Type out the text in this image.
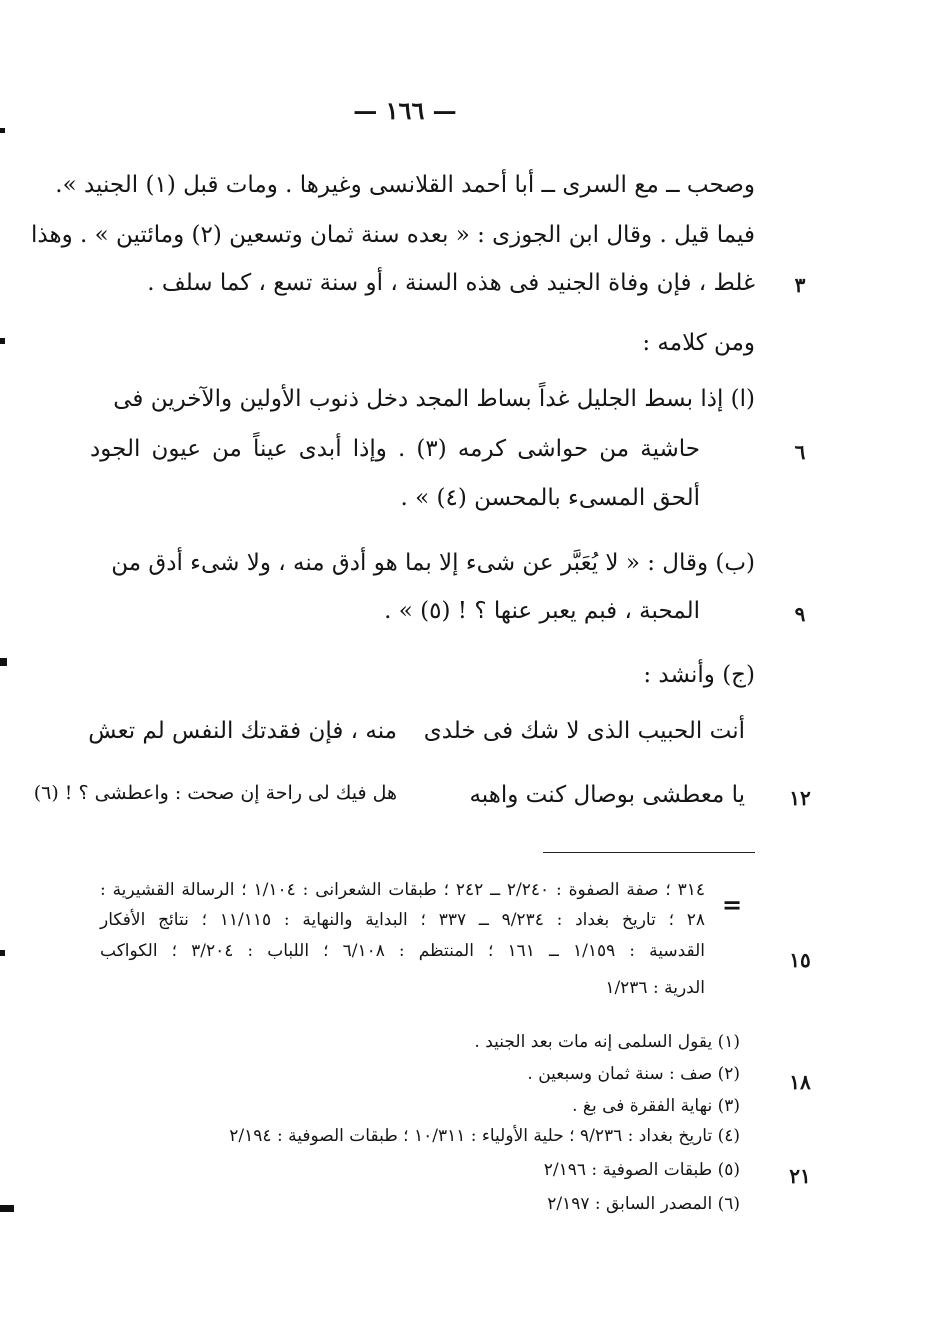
— ١٦٦ —
وصحب ــ مع السرى ــ أبا أحمد القلانسى وغيرها . ومات قبل (١) الجنيد ».
فيما قيل . وقال ابن الجوزى : « بعده سنة ثمان وتسعين (٢) ومائتين » . وهذا
غلط ، فإن وفاة الجنيد فى هذه السنة ، أو سنة تسع ، كما سلف .	٣
ومن كلامه :
(ا) إذا بسط الجليل غداً بساط المجد دخل ذنوب الأولين والآخرين فى
حاشية من حواشى كرمه (٣) . وإذا أبدى عيناً من عيون الجود	٦
ألحق المسىء بالمحسن (٤) » .
(ب) وقال : « لا يُعَبَّر عن شىء إلا بما هو أدق منه ، ولا شىء أدق من
المحبة ، فبم يعبر عنها ؟ ! (٥) » .	٩
(ج) وأنشد :
أنت الحبيب الذى لا شك فى خلدى
منه ، فإن فقدتك النفس لم تعش
يا معطشى بوصال كنت واهبه
هل فيك لى راحة إن صحت : واعطشى ؟ ! (٦)	١٢
=
٣١٤ ؛ صفة الصفوة : ٢/٢٤٠ ــ ٢٤٢ ؛ طبقات الشعرانى : ١/١٠٤ ؛ الرسالة القشيرية :
٢٨ ؛ تاريخ بغداد : ٩/٢٣٤ ــ ٣٣٧ ؛ البداية والنهاية : ١١/١١٥ ؛ نتائج الأفكار
القدسية : ١/١٥٩ ــ ١٦١ ؛ المنتظم : ٦/١٠٨ ؛ اللباب : ٣/٢٠٤ ؛ الكواكب	١٥
الدرية : ١/٢٣٦
(١) يقول السلمى إنه مات بعد الجنيد .
(٢) صف : سنة ثمان وسبعين .	١٨
(٣) نهاية الفقرة فى بغ .
(٤) تاريخ بغداد : ٩/٢٣٦ ؛ حلية الأولياء : ١٠/٣١١ ؛ طبقات الصوفية : ٢/١٩٤
(٥) طبقات الصوفية : ٢/١٩٦	٢١
(٦) المصدر السابق : ٢/١٩٧
